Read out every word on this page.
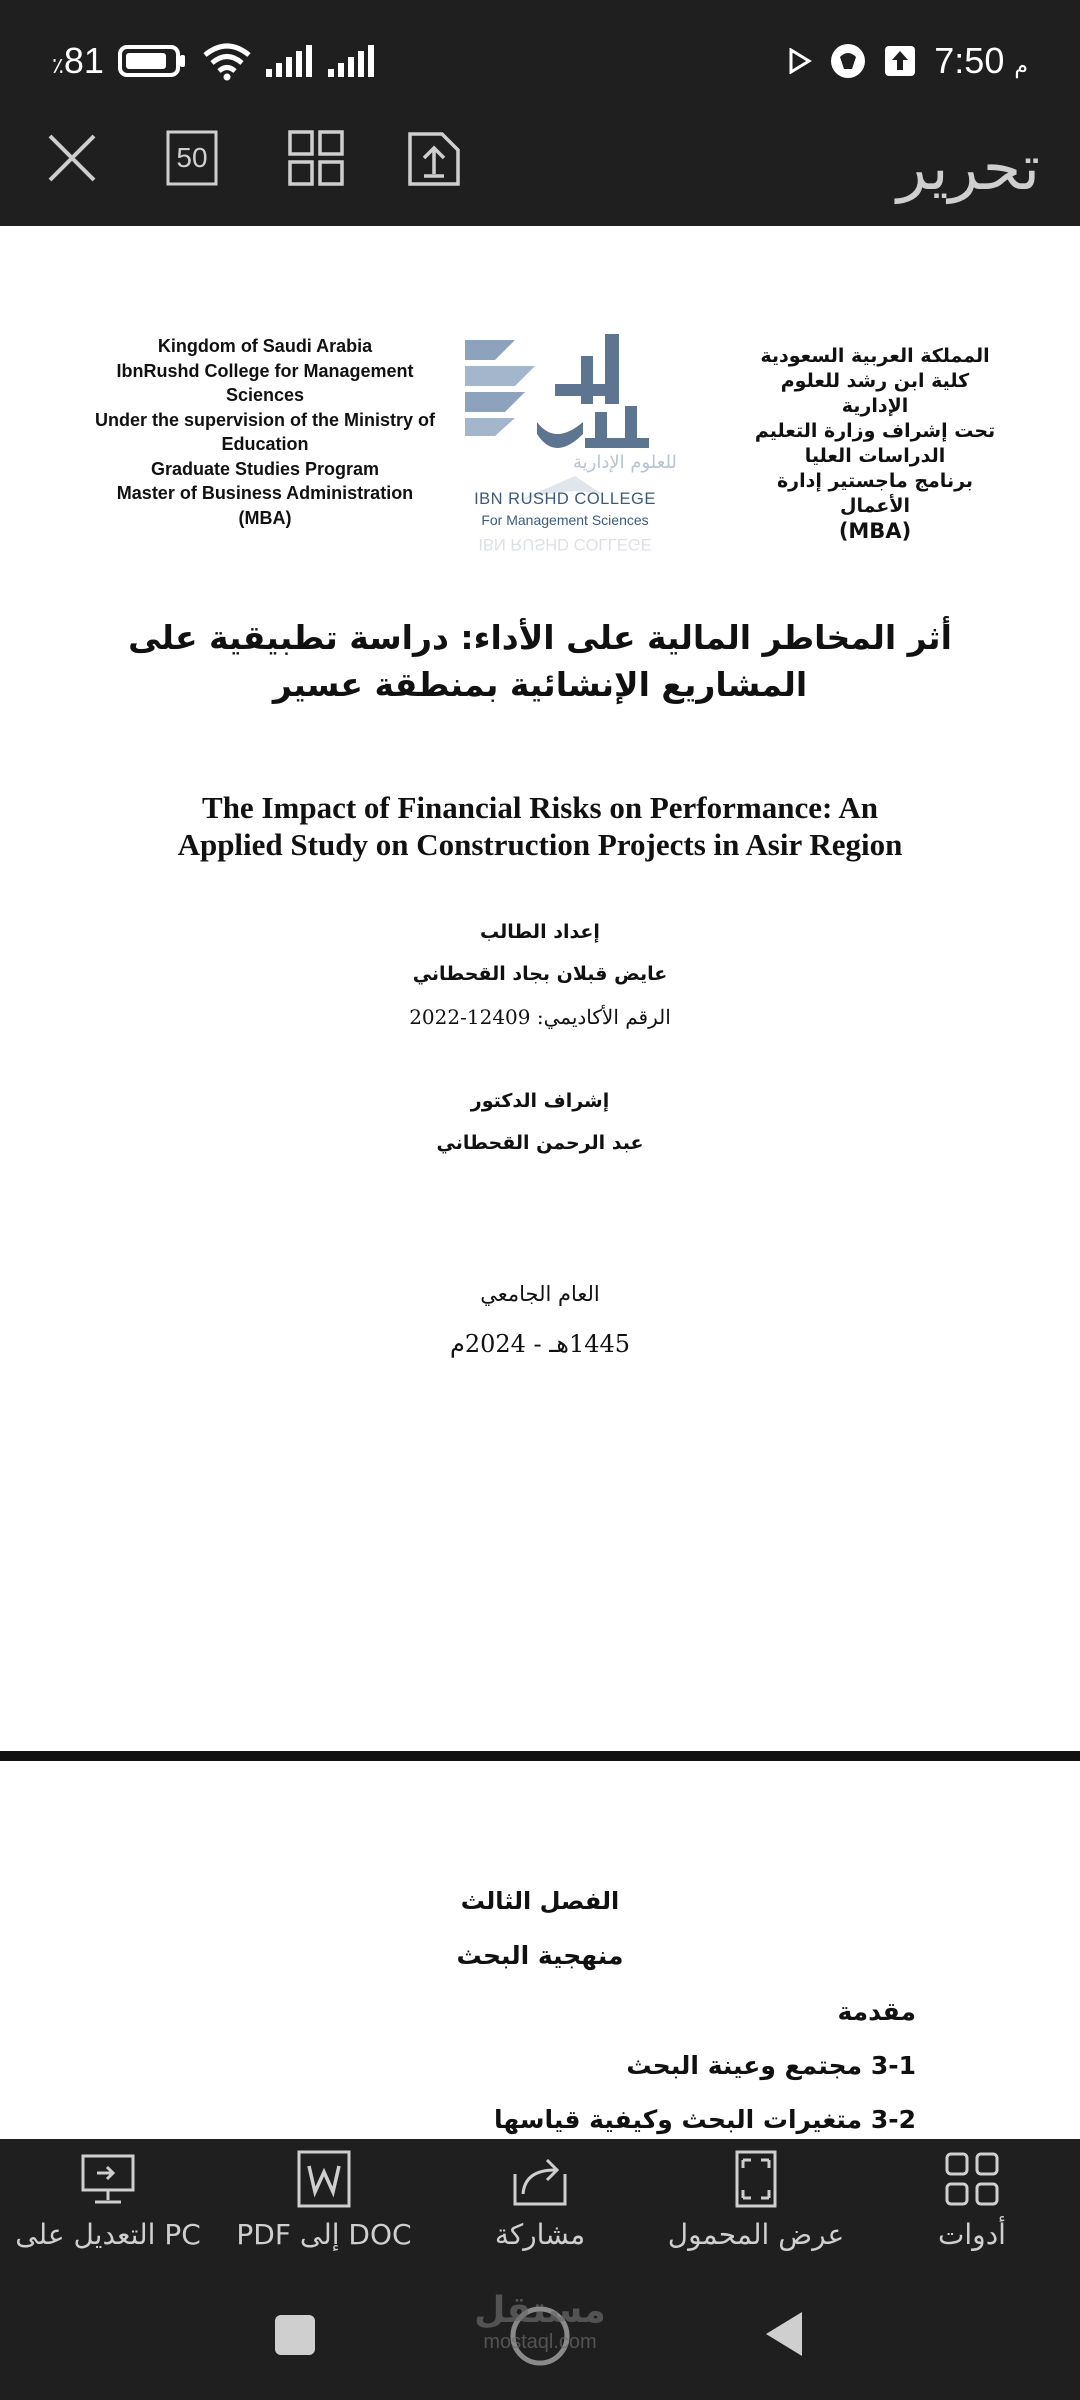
٪81	م 7:50
50	تحرير
Kingdom of Saudi Arabia
IbnRushd College for Management
Sciences
Under the supervision of the Ministry of
Education
Graduate Studies Program
Master of Business Administration
(MBA)
للعلوم الإدارية
IBN RUSHD COLLEGE
For Management Sciences
IBN RUSHD COLLEGE
المملكة العربية السعودية
كلية ابن رشد للعلوم الإدارية
تحت إشراف وزارة التعليم
الدراسات العليا
برنامج ماجستير إدارة الأعمال
(MBA)
أثر المخاطر المالية على الأداء: دراسة تطبيقية على
المشاريع الإنشائية بمنطقة عسير
The Impact of Financial Risks on Performance: An
Applied Study on Construction Projects in Asir Region
إعداد الطالب
عايض قبلان بجاد القحطاني
الرقم الأكاديمي: 12409-2022
إشراف الدكتور
عبد الرحمن القحطاني
العام الجامعي
1445هـ - 2024م
الفصل الثالث
منهجية البحث
مقدمة
3-1 مجتمع وعينة البحث
3-2 متغيرات البحث وكيفية قياسها
التعديل على PC	PDF إلى DOC	مشاركة	عرض المحمول	أدوات
مستقل
mostaql.com
